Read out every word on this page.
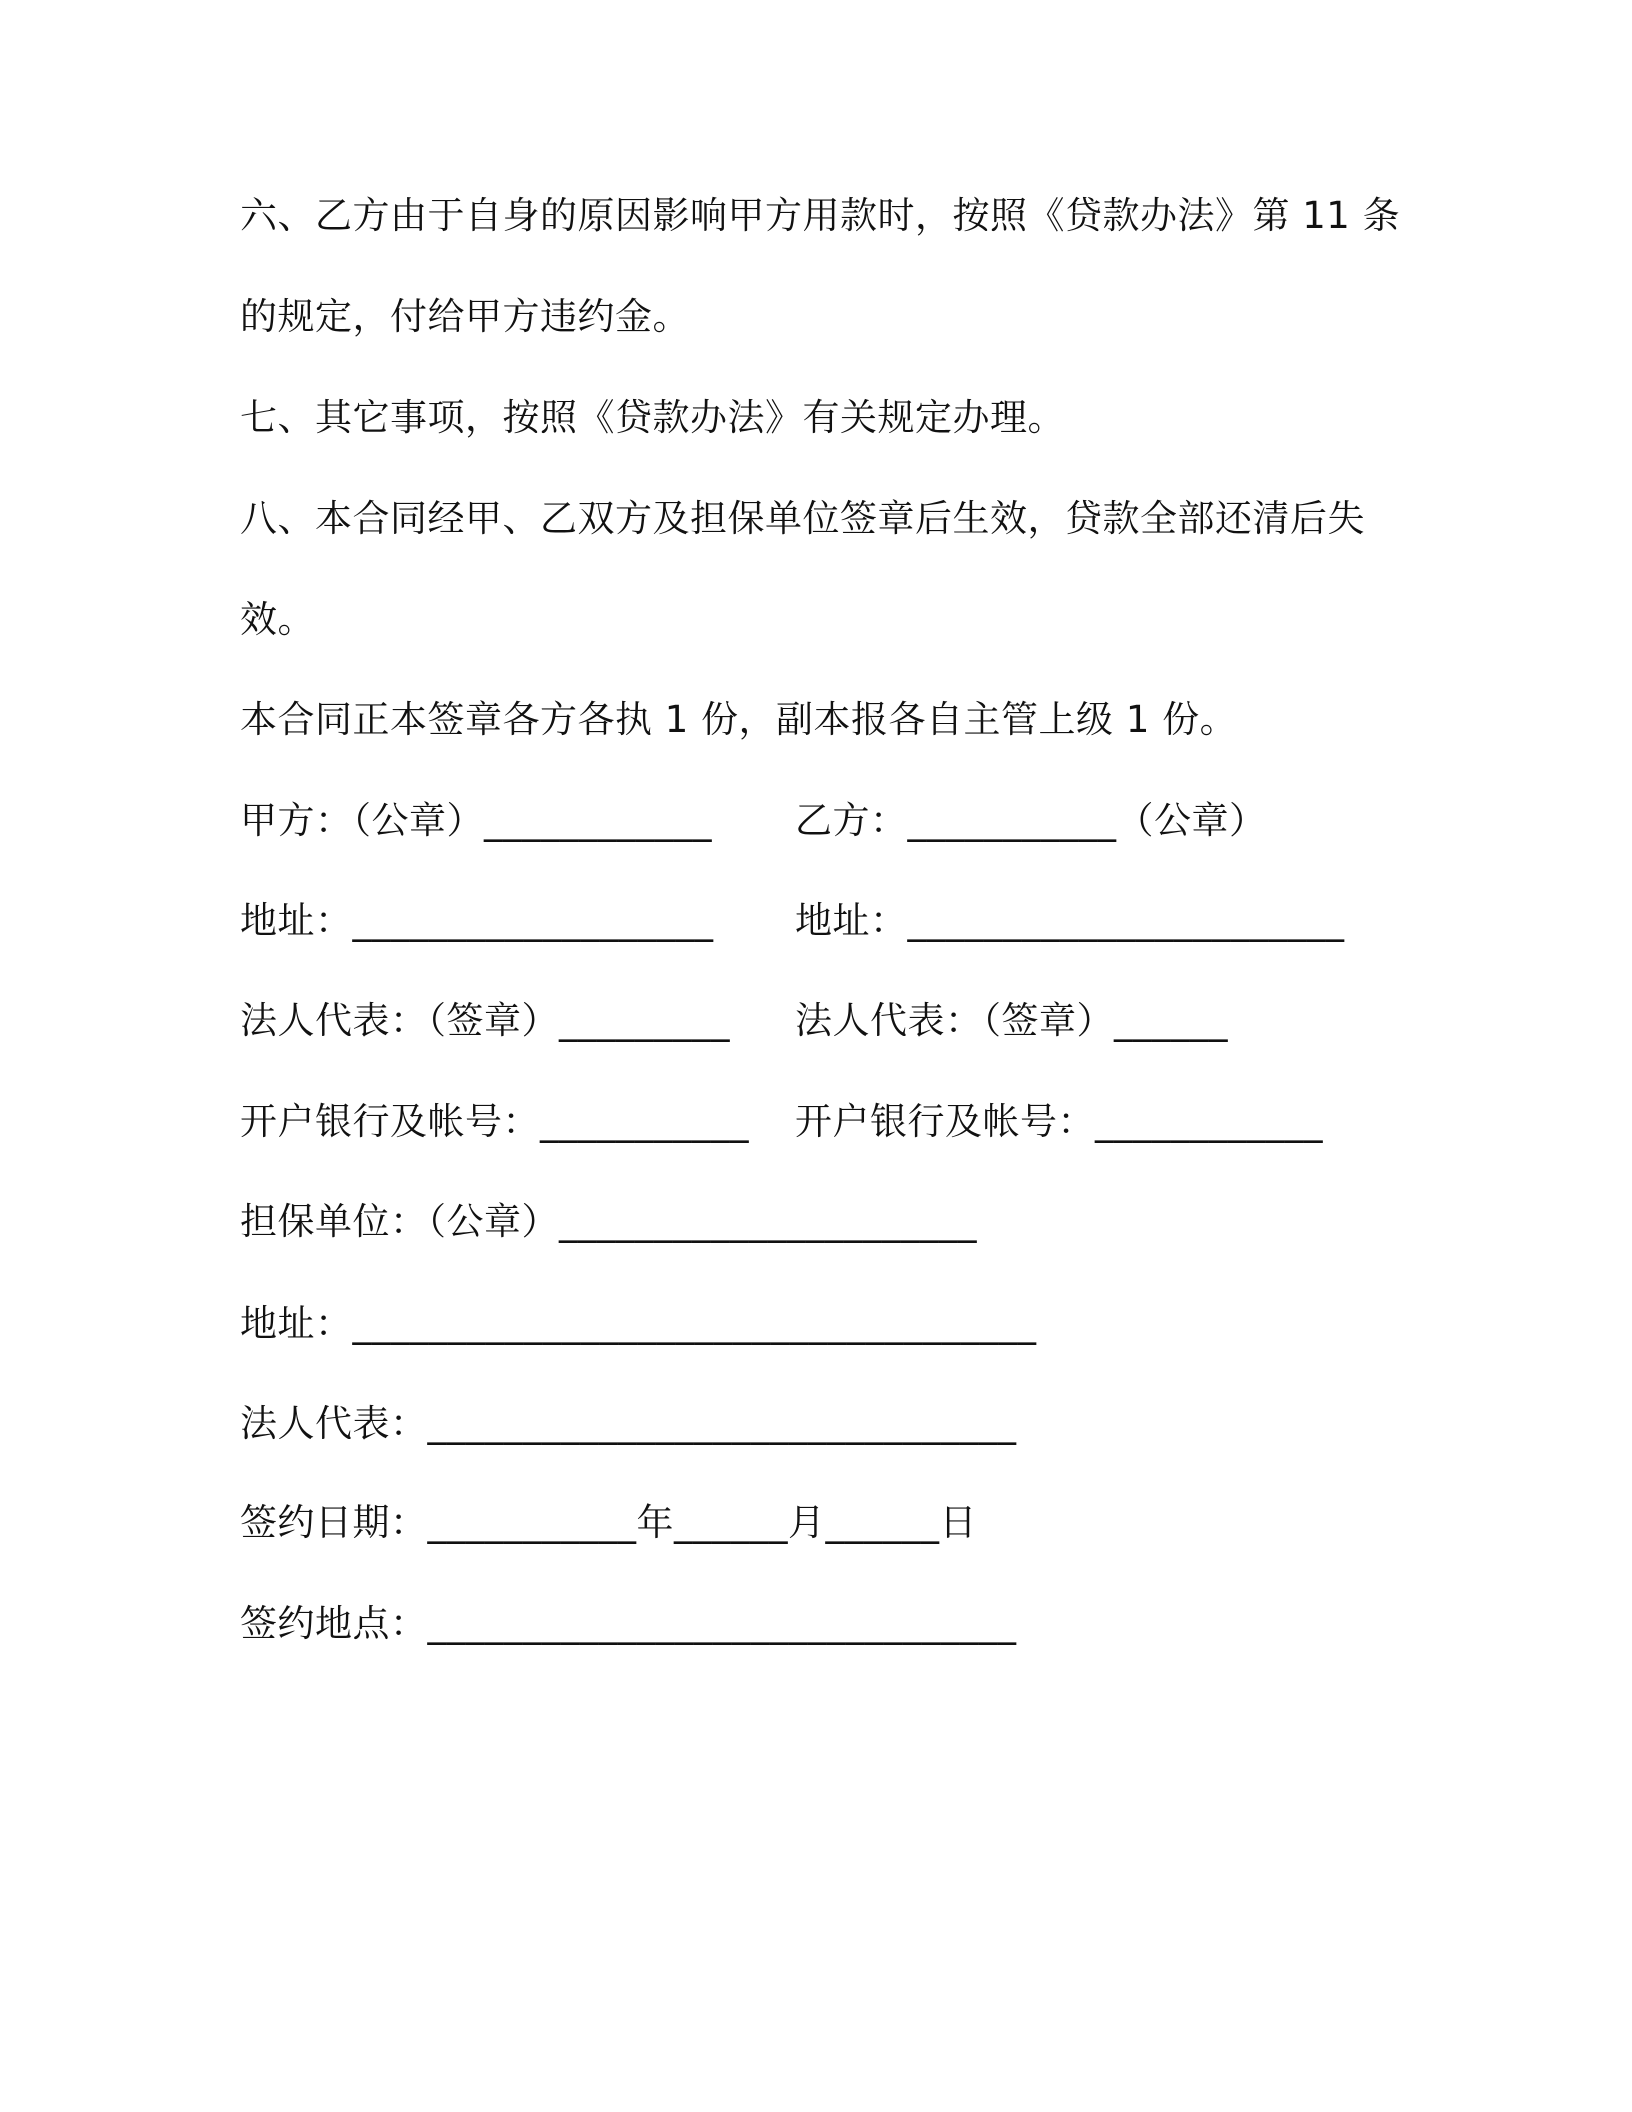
六、乙方由于自身的原因影响甲方用款时，按照《贷款办法》第 11 条
的规定，付给甲方违约金。
七、其它事项，按照《贷款办法》有关规定办理。
八、本合同经甲、乙双方及担保单位签章后生效，贷款全部还清后失
效。
本合同正本签章各方各执 1 份，副本报各自主管上级 1 份。
甲方：（公章）____________ 乙方：___________（公章）
地址：___________________ 地址：_______________________
法人代表：（签章）_________ 法人代表：（签章）______
开户银行及帐号：___________ 开户银行及帐号：____________
担保单位：（公章）______________________
地址：____________________________________
法人代表：_______________________________
签约日期：___________年______月______日
签约地点：_______________________________
